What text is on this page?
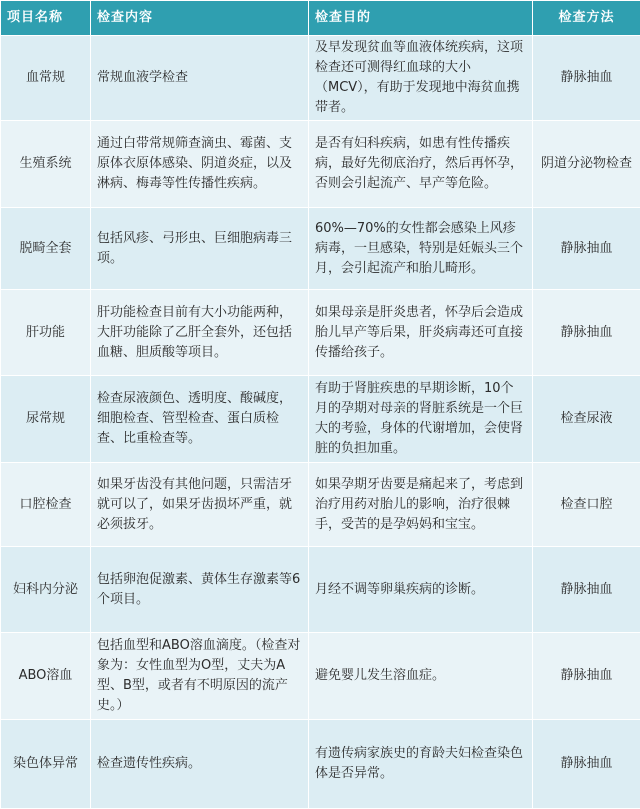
项目名称	检查内容	检查目的	检查方法
血常规	常规血液学检查	及早发现贫血等血液体统疾病，这项检查还可测得红血球的大小（MCV），有助于发现地中海贫血携带者。	静脉抽血
生殖系统	通过白带常规筛查滴虫、霉菌、支原体衣原体感染、阴道炎症，以及淋病、梅毒等性传播性疾病。	是否有妇科疾病，如患有性传播疾病，最好先彻底治疗，然后再怀孕，否则会引起流产、早产等危险。	阴道分泌物检查
脱畸全套	包括风疹、弓形虫、巨细胞病毒三项。	60%—70%的女性都会感染上风疹病毒，一旦感染，特别是妊娠头三个月，会引起流产和胎儿畸形。	静脉抽血
肝功能	肝功能检查目前有大小功能两种，大肝功能除了乙肝全套外，还包括血糖、胆质酸等项目。	如果母亲是肝炎患者，怀孕后会造成胎儿早产等后果，肝炎病毒还可直接传播给孩子。	静脉抽血
尿常规	检查尿液颜色、透明度、酸碱度，细胞检查、管型检查、蛋白质检查、比重检查等。	有助于肾脏疾患的早期诊断，10个月的孕期对母亲的肾脏系统是一个巨大的考验，身体的代谢增加，会使肾脏的负担加重。	检查尿液
口腔检查	如果牙齿没有其他问题，只需洁牙就可以了，如果牙齿损坏严重，就必须拔牙。	如果孕期牙齿要是痛起来了，考虑到治疗用药对胎儿的影响，治疗很棘手，受苦的是孕妈妈和宝宝。	检查口腔
妇科内分泌	包括卵泡促激素、黄体生存激素等6个项目。	月经不调等卵巢疾病的诊断。	静脉抽血
ABO溶血	包括血型和ABO溶血滴度。（检查对象为：女性血型为O型，丈夫为A型、B型，或者有不明原因的流产史。）	避免婴儿发生溶血症。	静脉抽血
染色体异常	检查遗传性疾病。	有遗传病家族史的育龄夫妇检查染色体是否异常。	静脉抽血
